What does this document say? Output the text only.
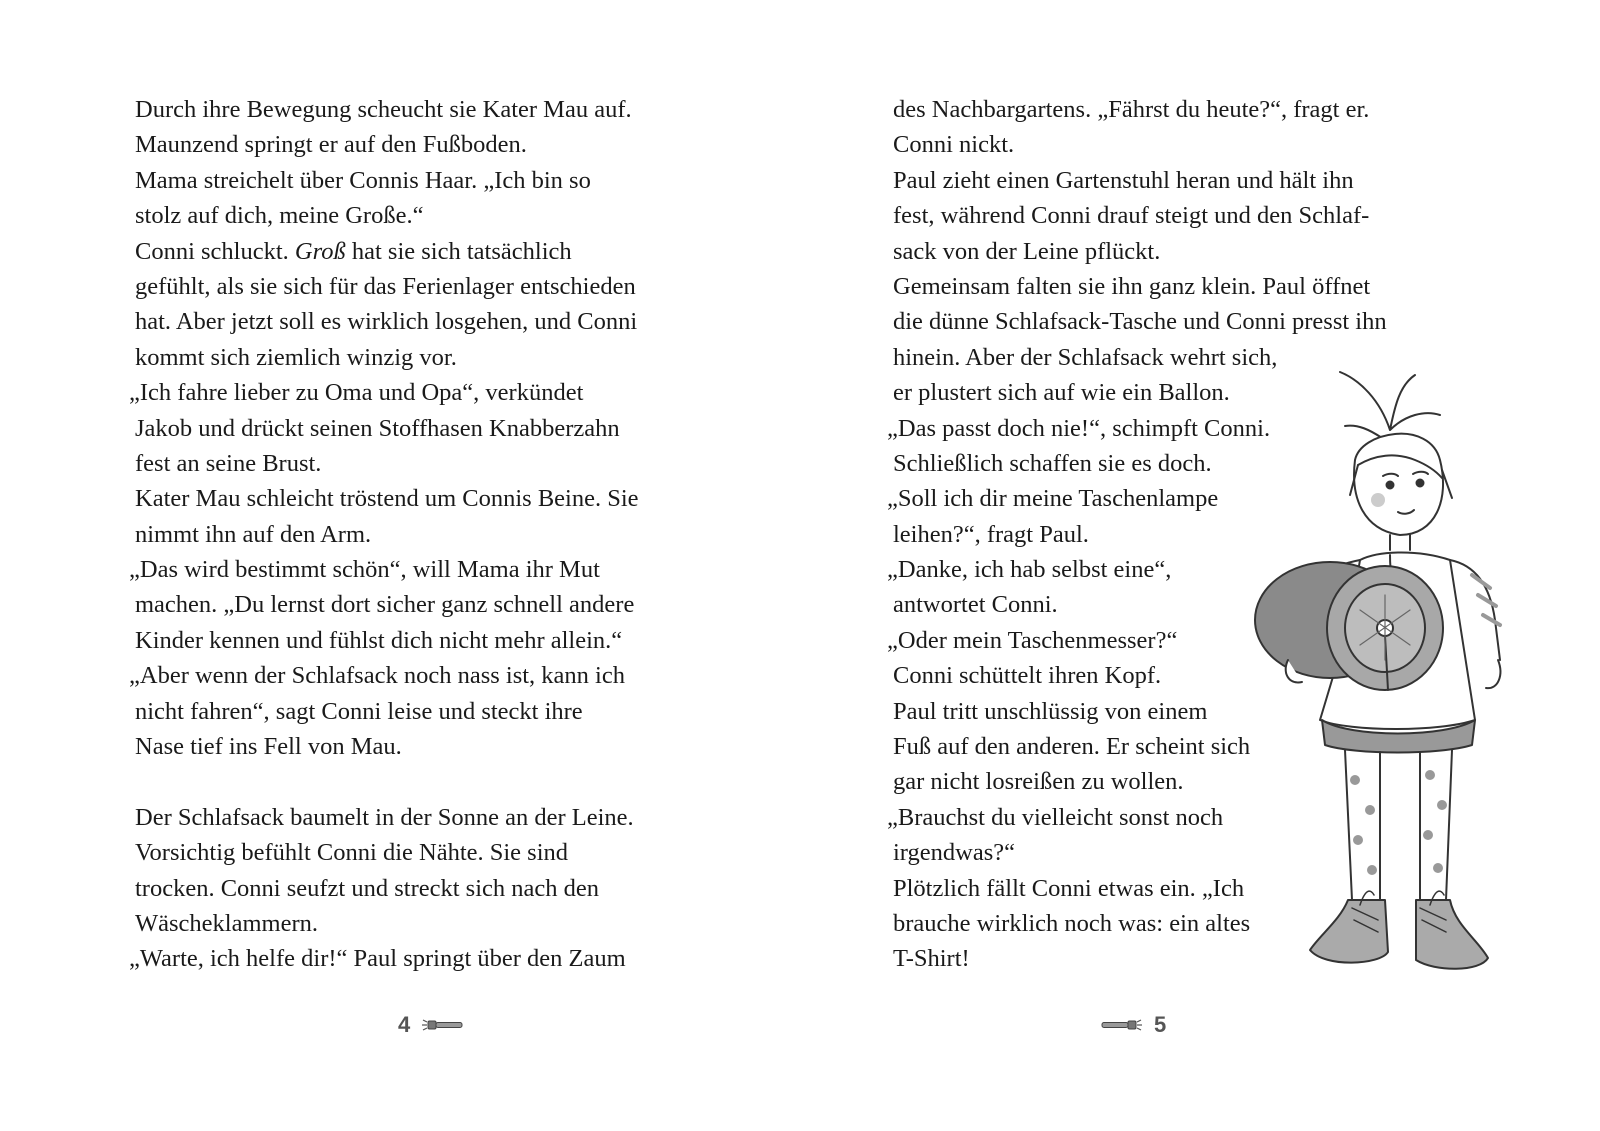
Durch ihre Bewegung scheucht sie Kater Mau auf.
Maunzend springt er auf den Fußboden.
Mama streichelt über Connis Haar. „Ich bin so
stolz auf dich, meine Große.“
Conni schluckt. Groß hat sie sich tatsächlich
gefühlt, als sie sich für das Ferienlager entschieden
hat. Aber jetzt soll es wirklich losgehen, und Conni
kommt sich ziemlich winzig vor.
„Ich fahre lieber zu Oma und Opa“, verkündet
Jakob und drückt seinen Stoffhasen Knabberzahn
fest an seine Brust.
Kater Mau schleicht tröstend um Connis Beine. Sie
nimmt ihn auf den Arm.
„Das wird bestimmt schön“, will Mama ihr Mut
machen. „Du lernst dort sicher ganz schnell andere
Kinder kennen und fühlst dich nicht mehr allein.“
„Aber wenn der Schlafsack noch nass ist, kann ich
nicht fahren“, sagt Conni leise und steckt ihre
Nase tief ins Fell von Mau.
Der Schlafsack baumelt in der Sonne an der Leine.
Vorsichtig befühlt Conni die Nähte. Sie sind
trocken. Conni seufzt und streckt sich nach den
Wäscheklammern.
„Warte, ich helfe dir!“ Paul springt über den Zaum
4
des Nachbargartens. „Fährst du heute?“, fragt er.
Conni nickt.
Paul zieht einen Gartenstuhl heran und hält ihn
fest, während Conni drauf steigt und den Schlaf-
sack von der Leine pflückt.
Gemeinsam falten sie ihn ganz klein. Paul öffnet
die dünne Schlafsack-Tasche und Conni presst ihn
hinein. Aber der Schlafsack wehrt sich,
er plustert sich auf wie ein Ballon.
„Das passt doch nie!“, schimpft Conni.
Schließlich schaffen sie es doch.
„Soll ich dir meine Taschenlampe
leihen?“, fragt Paul.
„Danke, ich hab selbst eine“,
antwortet Conni.
„Oder mein Taschenmesser?“
Conni schüttelt ihren Kopf.
Paul tritt unschlüssig von einem
Fuß auf den anderen. Er scheint sich
gar nicht losreißen zu wollen.
„Brauchst du vielleicht sonst noch
irgendwas?“
Plötzlich fällt Conni etwas ein. „Ich
brauche wirklich noch was: ein altes
T-Shirt!
5
